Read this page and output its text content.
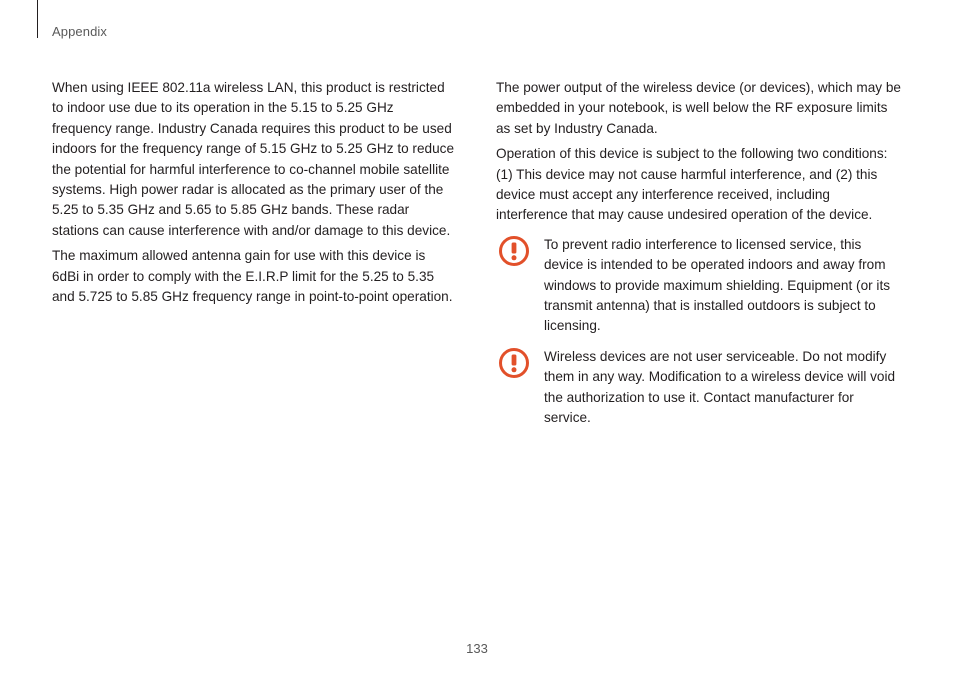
Appendix

When using IEEE 802.11a wireless LAN, this product is restricted to indoor use due to its operation in the 5.15 to 5.25 GHz frequency range. Industry Canada requires this product to be used indoors for the frequency range of 5.15 GHz to 5.25 GHz to reduce the potential for harmful interference to co-channel mobile satellite systems. High power radar is allocated as the primary user of the 5.25 to 5.35 GHz and 5.65 to 5.85 GHz bands. These radar stations can cause interference with and/or damage to this device.

The maximum allowed antenna gain for use with this device is 6dBi in order to comply with the E.I.R.P limit for the 5.25 to 5.35 and 5.725 to 5.85 GHz frequency range in point-to-point operation.

The power output of the wireless device (or devices), which may be embedded in your notebook, is well below the RF exposure limits as set by Industry Canada.

Operation of this device is subject to the following two conditions: (1) This device may not cause harmful interference, and (2) this device must accept any interference received, including interference that may cause undesired operation of the device.

To prevent radio interference to licensed service, this device is intended to be operated indoors and away from windows to provide maximum shielding. Equipment (or its transmit antenna) that is installed outdoors is subject to licensing.

Wireless devices are not user serviceable. Do not modify them in any way. Modification to a wireless device will void the authorization to use it. Contact manufacturer for service.

133
